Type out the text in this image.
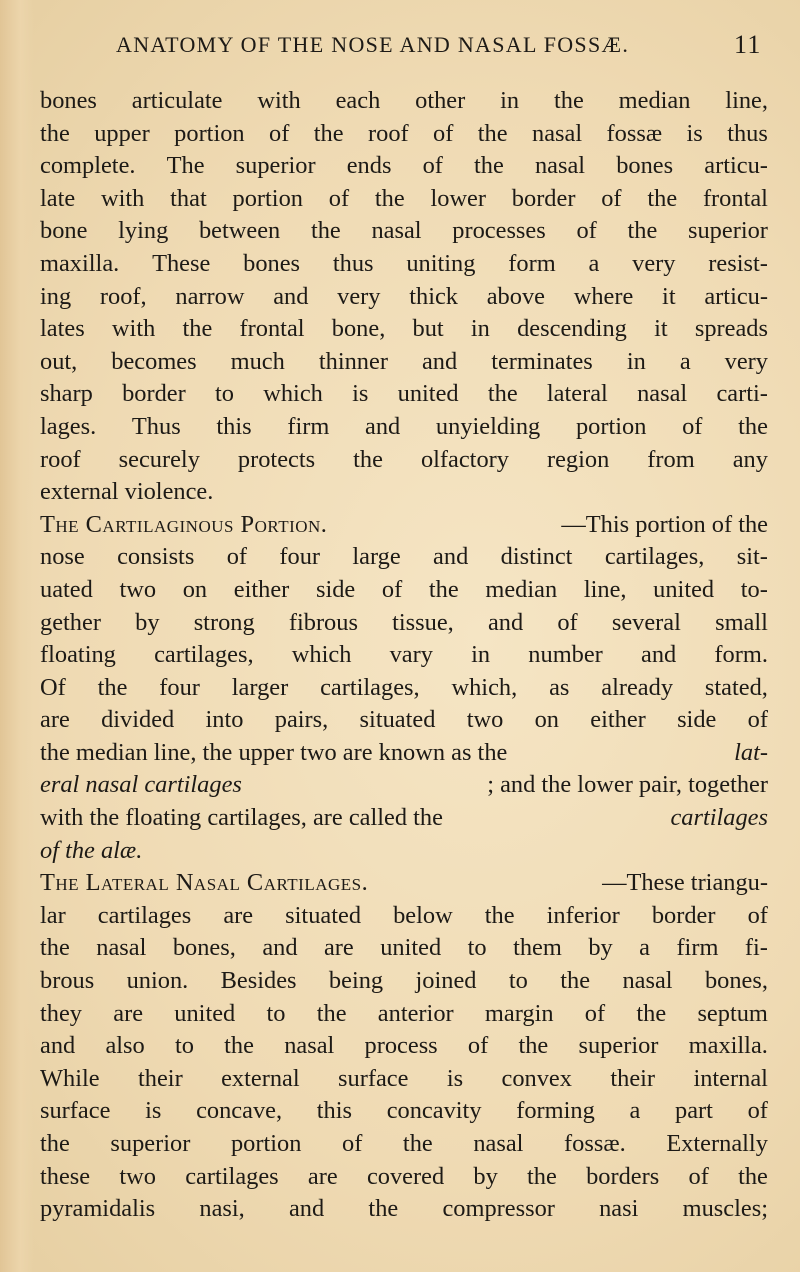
ANATOMY OF THE NOSE AND NASAL FOSSÆ.	11
bones articulate with each other in the median line,
the upper portion of the roof of the nasal fossæ is thus
complete. The superior ends of the nasal bones articu-
late with that portion of the lower border of the frontal
bone lying between the nasal processes of the superior
maxilla. These bones thus uniting form a very resist-
ing roof, narrow and very thick above where it articu-
lates with the frontal bone, but in descending it spreads
out, becomes much thinner and terminates in a very
sharp border to which is united the lateral nasal carti-
lages. Thus this firm and unyielding portion of the
roof securely protects the olfactory region from any
external violence.
The Cartilaginous Portion.	—This portion of the
nose consists of four large and distinct cartilages, sit-
uated two on either side of the median line, united to-
gether by strong fibrous tissue, and of several small
floating cartilages, which vary in number and form.
Of the four larger cartilages, which, as already stated,
are divided into pairs, situated two on either side of
the median line, the upper two are known as the	lat-
eral nasal cartilages	; and the lower pair, together
with the floating cartilages, are called the	cartilages
of the alæ.
The Lateral Nasal Cartilages.	—These triangu-
lar cartilages are situated below the inferior border of
the nasal bones, and are united to them by a firm fi-
brous union. Besides being joined to the nasal bones,
they are united to the anterior margin of the septum
and also to the nasal process of the superior maxilla.
While their external surface is convex their internal
surface is concave, this concavity forming a part of
the superior portion of the nasal fossæ. Externally
these two cartilages are covered by the borders of the
pyramidalis nasi, and the compressor nasi muscles;
